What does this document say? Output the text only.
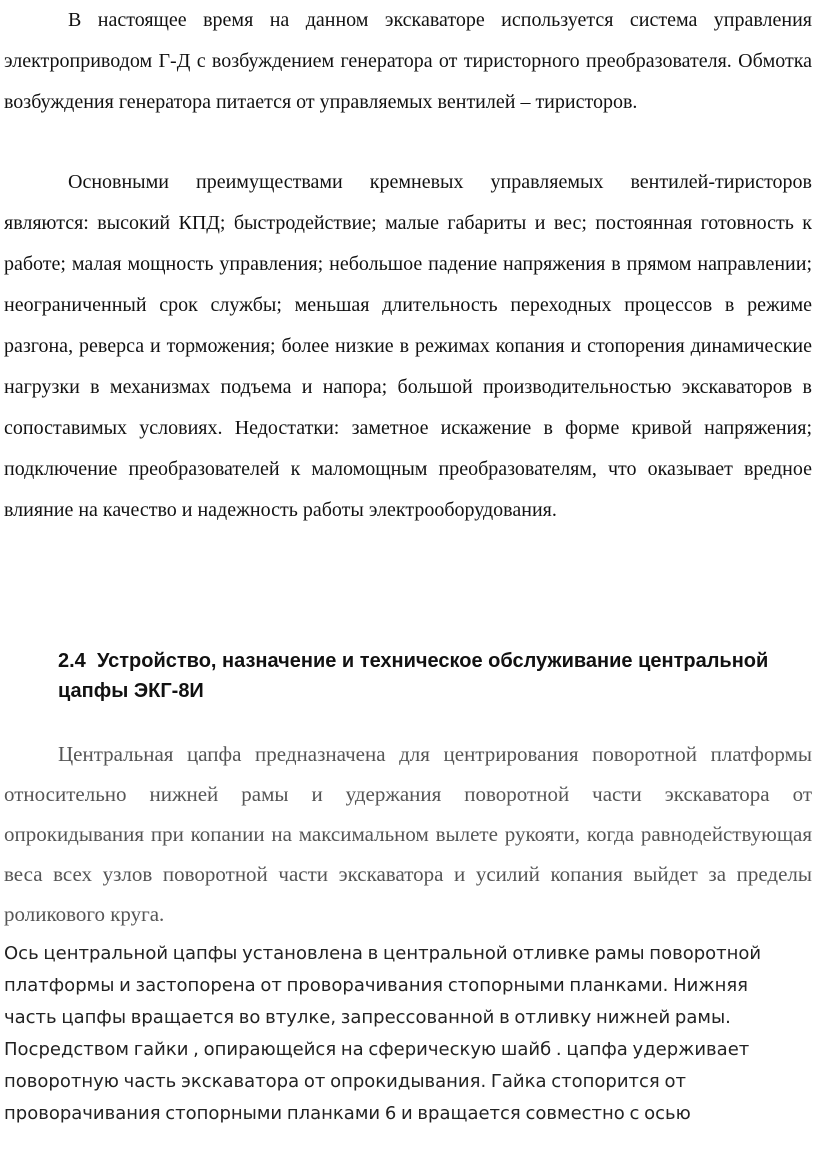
В настоящее время на данном экскаваторе используется система управления электроприводом Г-Д с возбуждением генератора от тиристорного преобразователя. Обмотка возбуждения генератора питается от управляемых вентилей – тиристоров.

Основными преимуществами кремневых управляемых вентилей-тиристоров являются: высокий КПД; быстродействие; малые габариты и вес; постоянная готовность к работе; малая мощность управления; небольшое падение напряжения в прямом направлении; неограниченный срок службы; меньшая длительность переходных процессов в режиме разгона, реверса и торможения; более низкие в режимах копания и стопорения динамические нагрузки в механизмах подъема и напора; большой производительностью экскаваторов в сопоставимых условиях. Недостатки: заметное искажение в форме кривой напряжения; подключение преобразователей к маломощным преобразователям, что оказывает вредное влияние на качество и надежность работы электрооборудования.

2.4 Устройство, назначение и техническое обслуживание центральной цапфы ЭКГ-8И

Центральная цапфа предназначена для центрирования поворотной платформы относительно нижней рамы и удержания поворотной части экскаватора от опрокидывания при копании на максимальном вылете рукояти, когда равнодействующая веса всех узлов поворотной части экскаватора и усилий копания выйдет за пределы роликового круга.

Ось центральной цапфы установлена в центральной отливке рамы поворотной платформы и застопорена от проворачивания стопорными планками. Нижняя часть цапфы вращается во втулке, запрессованной в отливку нижней рамы. Посредством гайки , опирающейся на сферическую шайб . цапфа удерживает поворотную часть экскаватора от опрокидывания. Гайка стопорится от проворачивания стопорными планками 6 и вращается совместно с осью
